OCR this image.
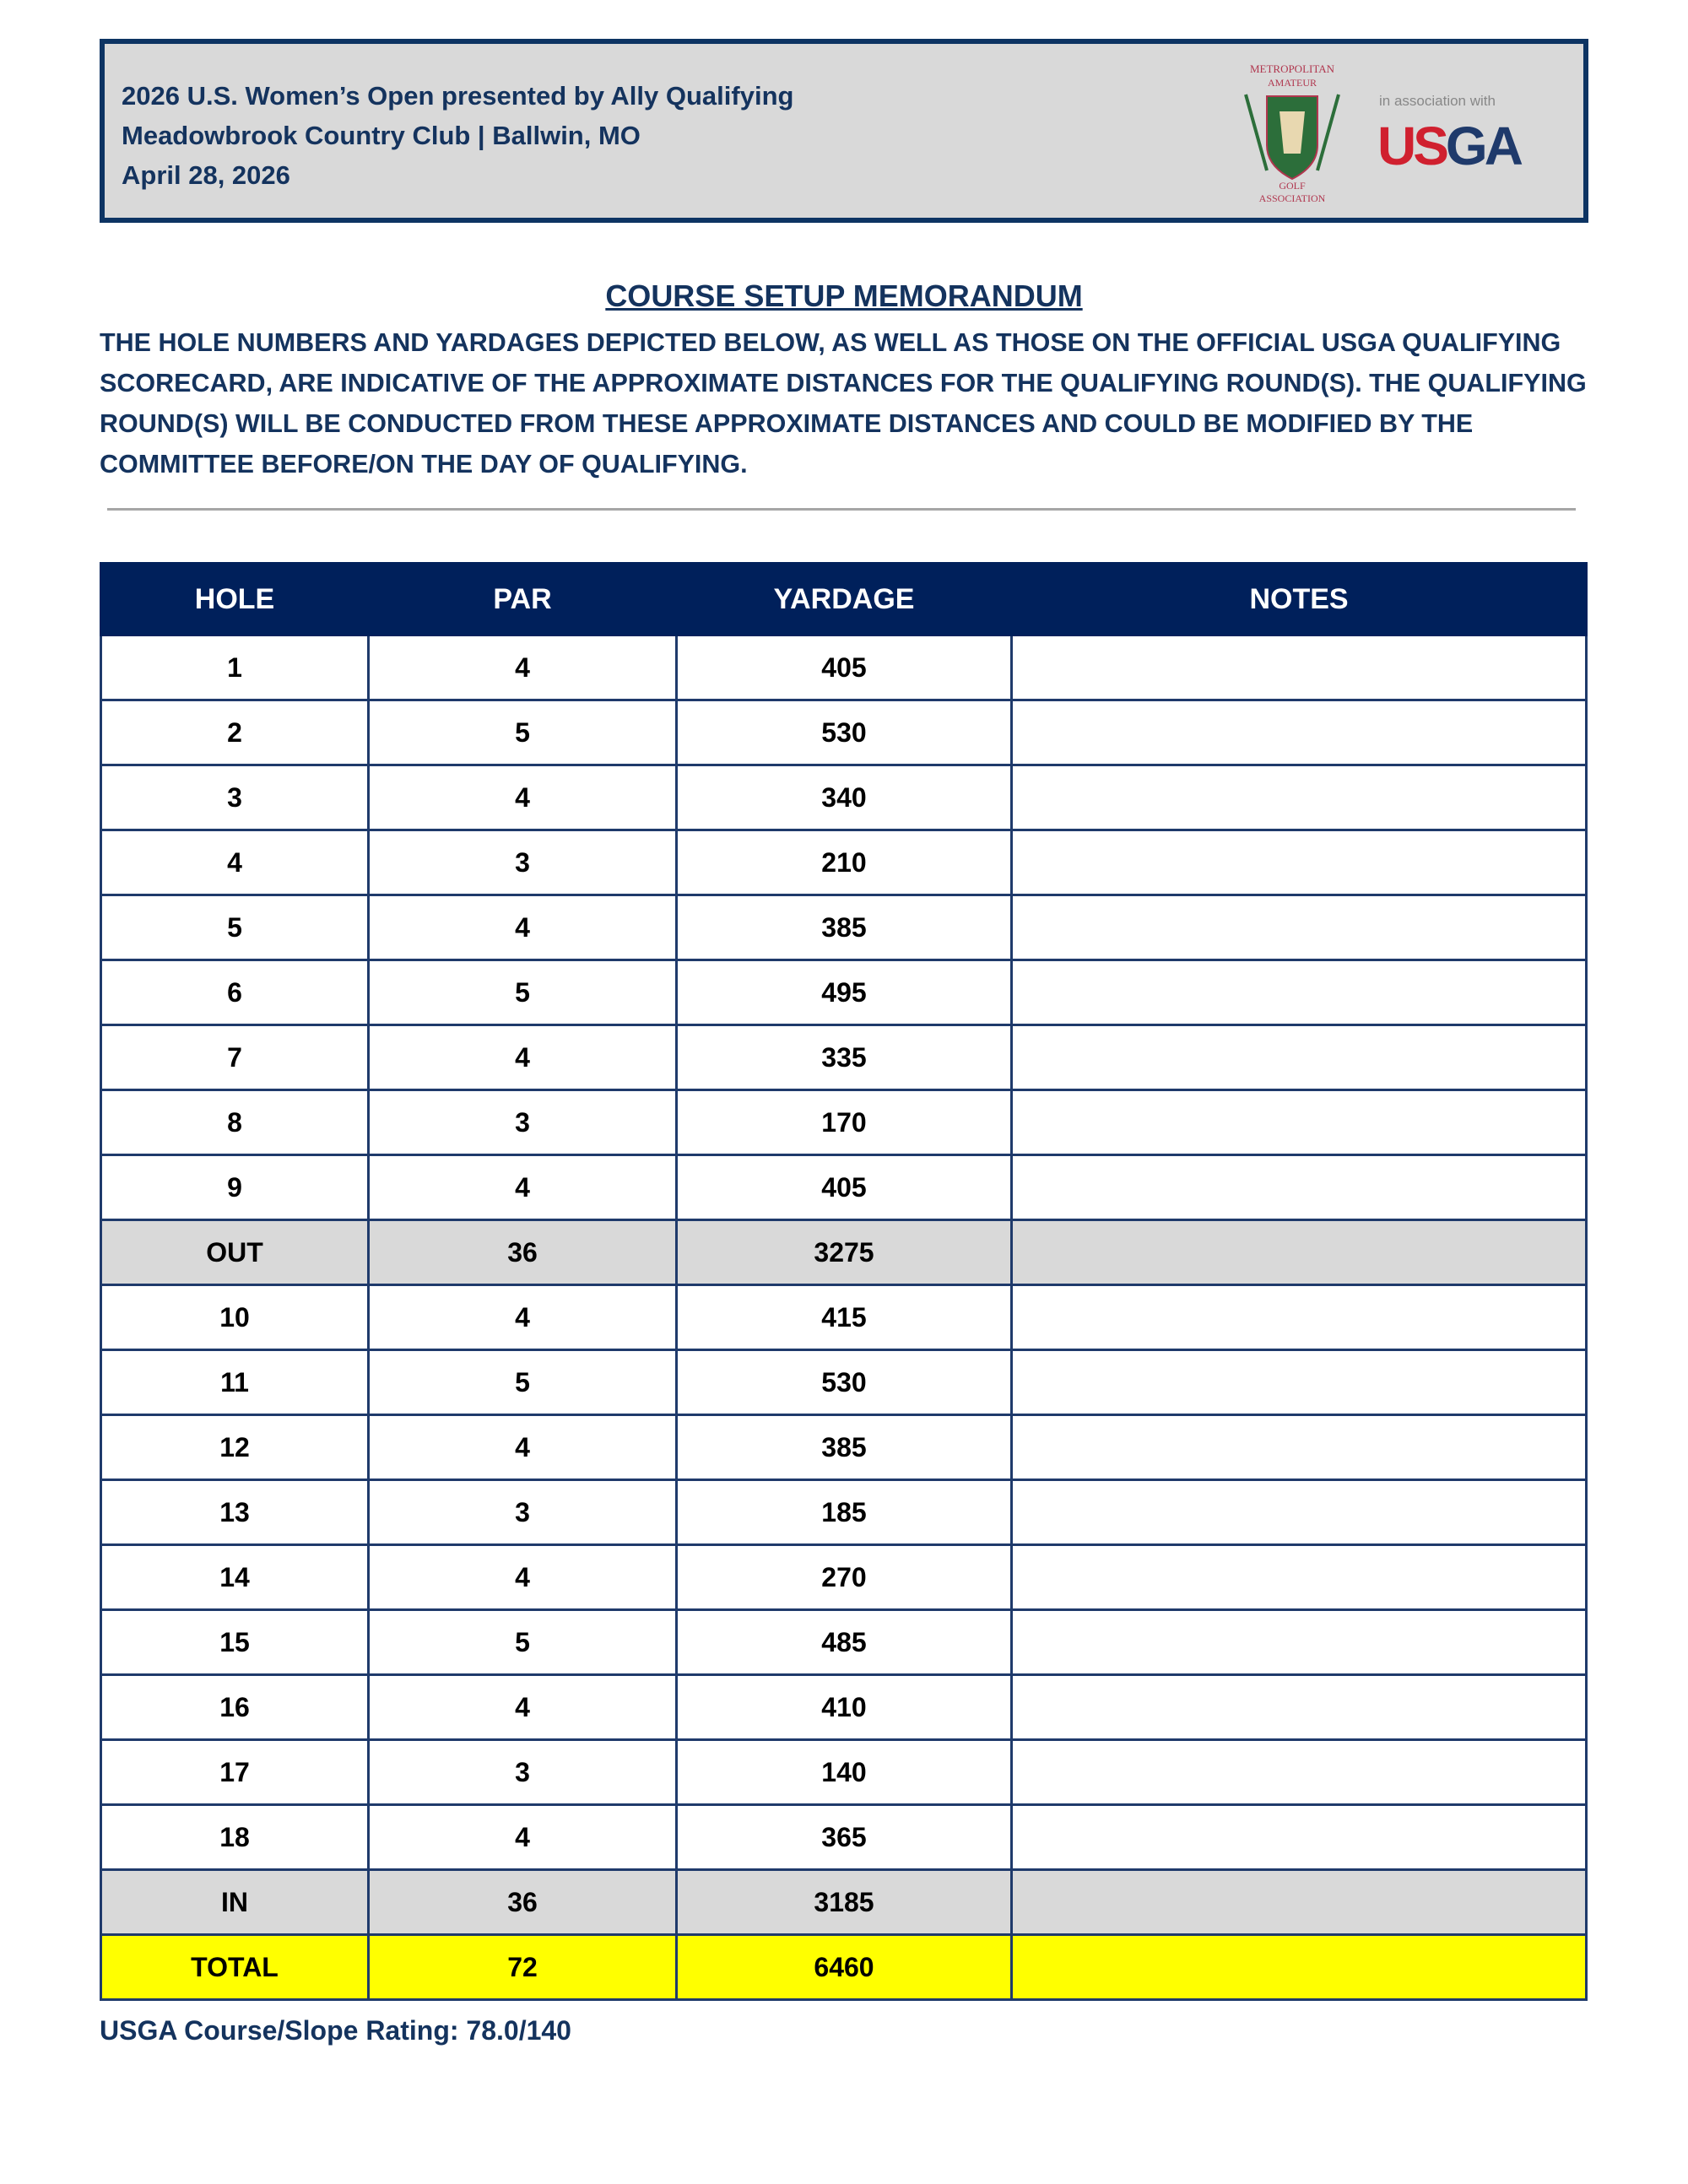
2026 U.S. Women’s Open presented by Ally Qualifying
Meadowbrook Country Club | Ballwin, MO
April 28, 2026
METROPOLITAN
AMATEUR
GOLF
ASSOCIATION
in association with
USGA
COURSE SETUP MEMORANDUM
THE HOLE NUMBERS AND YARDAGES DEPICTED BELOW, AS WELL AS THOSE ON THE OFFICIAL USGA QUALIFYING SCORECARD, ARE INDICATIVE OF THE APPROXIMATE DISTANCES FOR THE QUALIFYING ROUND(S). THE QUALIFYING ROUND(S) WILL BE CONDUCTED FROM THESE APPROXIMATE DISTANCES AND COULD BE MODIFIED BY THE COMMITTEE BEFORE/ON THE DAY OF QUALIFYING.
HOLE	PAR	YARDAGE	NOTES
1	4	405	
2	5	530	
3	4	340	
4	3	210	
5	4	385	
6	5	495	
7	4	335	
8	3	170	
9	4	405	
OUT	36	3275	
10	4	415	
11	5	530	
12	4	385	
13	3	185	
14	4	270	
15	5	485	
16	4	410	
17	3	140	
18	4	365	
IN	36	3185	
TOTAL	72	6460	
USGA Course/Slope Rating: 78.0/140
